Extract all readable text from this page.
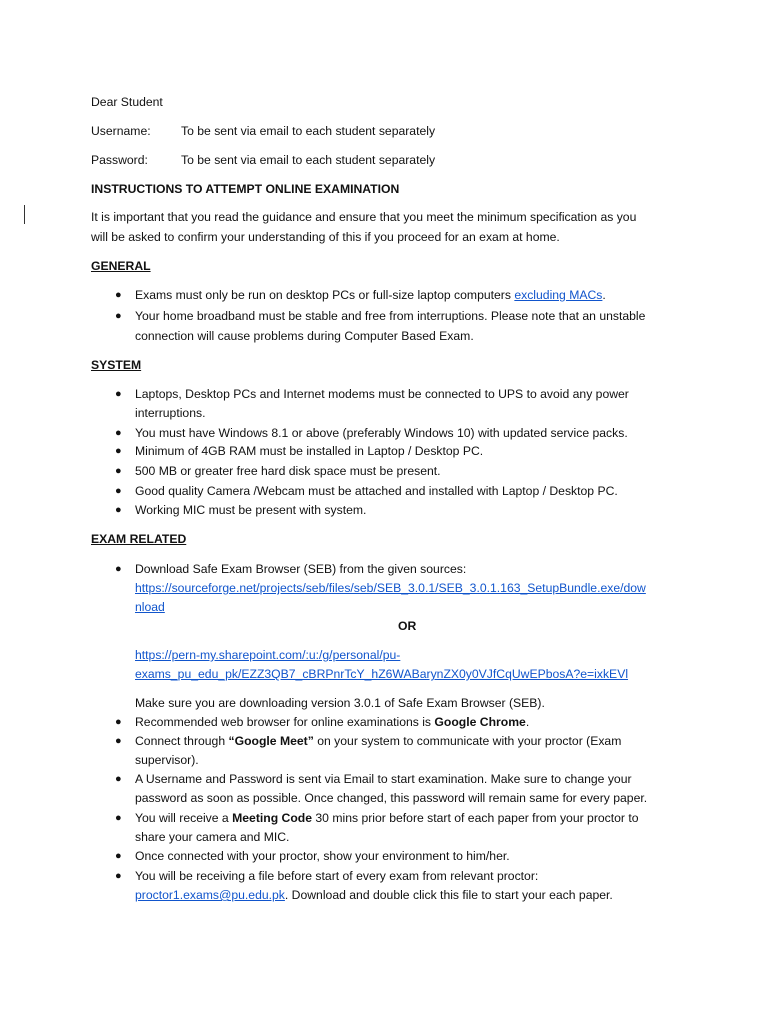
Dear Student
Username: To be sent via email to each student separately
Password:	To be sent via email to each student separately
INSTRUCTIONS TO ATTEMPT ONLINE EXAMINATION
It is important that you read the guidance and ensure that you meet the minimum specification as you
will be asked to confirm your understanding of this if you proceed for an exam at home.
GENERAL
● Exams must only be run on desktop PCs or full-size laptop computers excluding MACs.
● Your home broadband must be stable and free from interruptions. Please note that an unstable
connection will cause problems during Computer Based Exam.
SYSTEM
● Laptops, Desktop PCs and Internet modems must be connected to UPS to avoid any power
interruptions.
● You must have Windows 8.1 or above (preferably Windows 10) with updated service packs.
● Minimum of 4GB RAM must be installed in Laptop / Desktop PC.
● 500 MB or greater free hard disk space must be present.
● Good quality Camera /Webcam must be attached and installed with Laptop / Desktop PC.
● Working MIC must be present with system.
EXAM RELATED
● Download Safe Exam Browser (SEB) from the given sources:
https://sourceforge.net/projects/seb/files/seb/SEB_3.0.1/SEB_3.0.1.163_SetupBundle.exe/dow
nload
OR
https://pern-my.sharepoint.com/:u:/g/personal/pu-
exams_pu_edu_pk/EZZ3QB7_cBRPnrTcY_hZ6WABarynZX0y0VJfCqUwEPbosA?e=ixkEVl
Make sure you are downloading version 3.0.1 of Safe Exam Browser (SEB).
● Recommended web browser for online examinations is Google Chrome.
● Connect through “Google Meet” on your system to communicate with your proctor (Exam
supervisor).
● A Username and Password is sent via Email to start examination. Make sure to change your
password as soon as possible. Once changed, this password will remain same for every paper.
● You will receive a Meeting Code 30 mins prior before start of each paper from your proctor to
share your camera and MIC.
● Once connected with your proctor, show your environment to him/her.
● You will be receiving a file before start of every exam from relevant proctor:
proctor1.exams@pu.edu.pk. Download and double click this file to start your each paper.
